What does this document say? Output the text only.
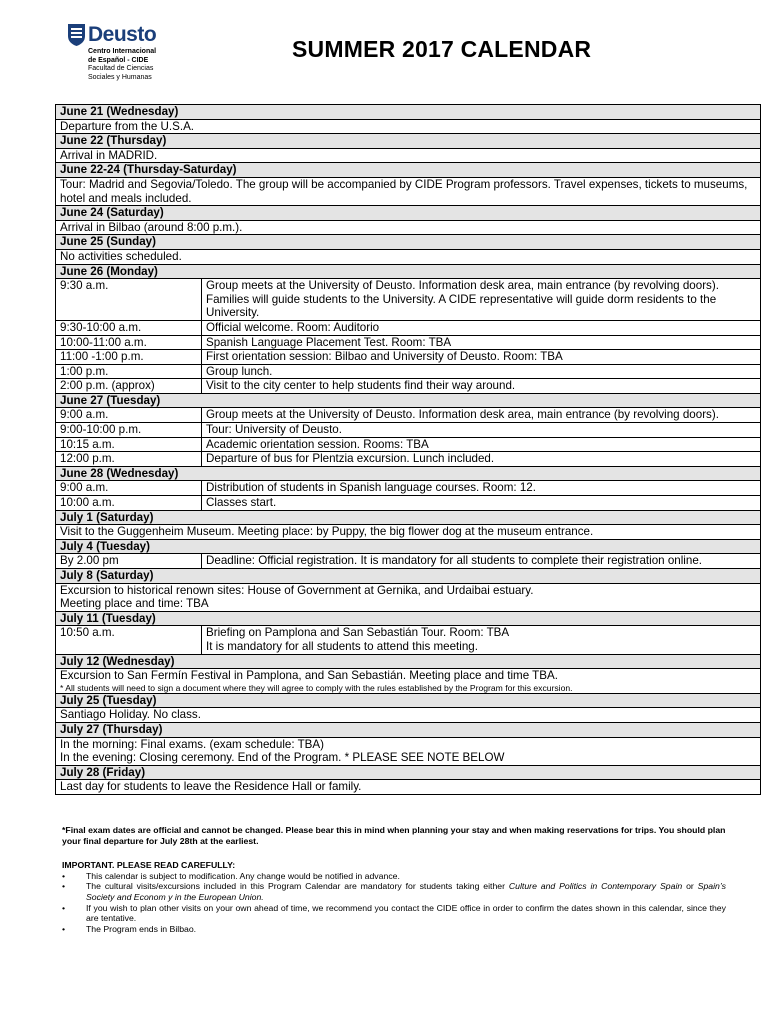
Deusto
Centro Internacional
de Español - CIDE
Facultad de Ciencias
Sociales y Humanas
SUMMER 2017 CALENDAR
June 21 (Wednesday)	
Departure from the U.S.A.	
June 22 (Thursday)	
Arrival in MADRID.	
June 22-24 (Thursday-Saturday)	
Tour: Madrid and Segovia/Toledo. The group will be accompanied by CIDE Program professors. Travel expenses, tickets to museums, hotel and meals included.	
June 24 (Saturday)	
Arrival in Bilbao (around 8:00 p.m.).	
June 25 (Sunday)	
No activities scheduled.	
June 26 (Monday)	
9:30 a.m.	Group meets at the University of Deusto. Information desk area, main entrance (by revolving doors). Families will guide students to the University. A CIDE representative will guide dorm residents to the University.
9:30-10:00 a.m.	Official welcome. Room: Auditorio
10:00-11:00 a.m.	Spanish Language Placement Test. Room: TBA
11:00 -1:00 p.m.	First orientation session: Bilbao and University of Deusto. Room: TBA
1:00 p.m.	Group lunch.
2:00 p.m. (approx)	Visit to the city center to help students find their way around.
June 27 (Tuesday)	
9:00 a.m.	Group meets at the University of Deusto. Information desk area, main entrance (by revolving doors).
9:00-10:00 p.m.	Tour: University of Deusto.
10:15 a.m.	Academic orientation session. Rooms: TBA
12:00 p.m.	Departure of bus for Plentzia excursion. Lunch included.
June 28 (Wednesday)	
9:00 a.m.	Distribution of students in Spanish language courses. Room: 12.
10:00 a.m.	Classes start.
July 1 (Saturday)	
Visit to the Guggenheim Museum. Meeting place: by Puppy, the big flower dog at the museum entrance.	
July 4 (Tuesday)	
By 2.00 pm	Deadline: Official registration. It is mandatory for all students to complete their registration online.
July 8 (Saturday)	
Excursion to historical renown sites: House of Government at Gernika, and Urdaibai estuary.
Meeting place and time: TBA	
July 11 (Tuesday)	
10:50 a.m.	Briefing on Pamplona and San Sebastián Tour. Room: TBA
It is mandatory for all students to attend this meeting.
July 12 (Wednesday)	
Excursion to San Fermín Festival in Pamplona, and San Sebastián. Meeting place and time TBA.
* All students will need to sign a document where they will agree to comply with the rules established by the Program for this excursion.	

July 25 (Tuesday)	
Santiago Holiday. No class.	
July 27 (Thursday)	
In the morning: Final exams. (exam schedule: TBA)
In the evening: Closing ceremony. End of the Program. * PLEASE SEE NOTE BELOW	
July 28 (Friday)	
Last day for students to leave the Residence Hall or family.	

*Final exam dates are official and cannot be changed. Please bear this in mind when planning your stay and when making reservations for trips. You should plan your final departure for July 28th at the earliest.

IMPORTANT. PLEASE READ CAREFULLY:

• This calendar is subject to modification. Any change would be notified in advance.
• The cultural visits/excursions included in this Program Calendar are mandatory for students taking either Culture and Politics in Contemporary Spain or Spain’s Society and Econom y in the European Union.
• If you wish to plan other visits on your own ahead of time, we recommend you contact the CIDE office in order to confirm the dates shown in this calendar, since they are tentative.
• The Program ends in Bilbao.
